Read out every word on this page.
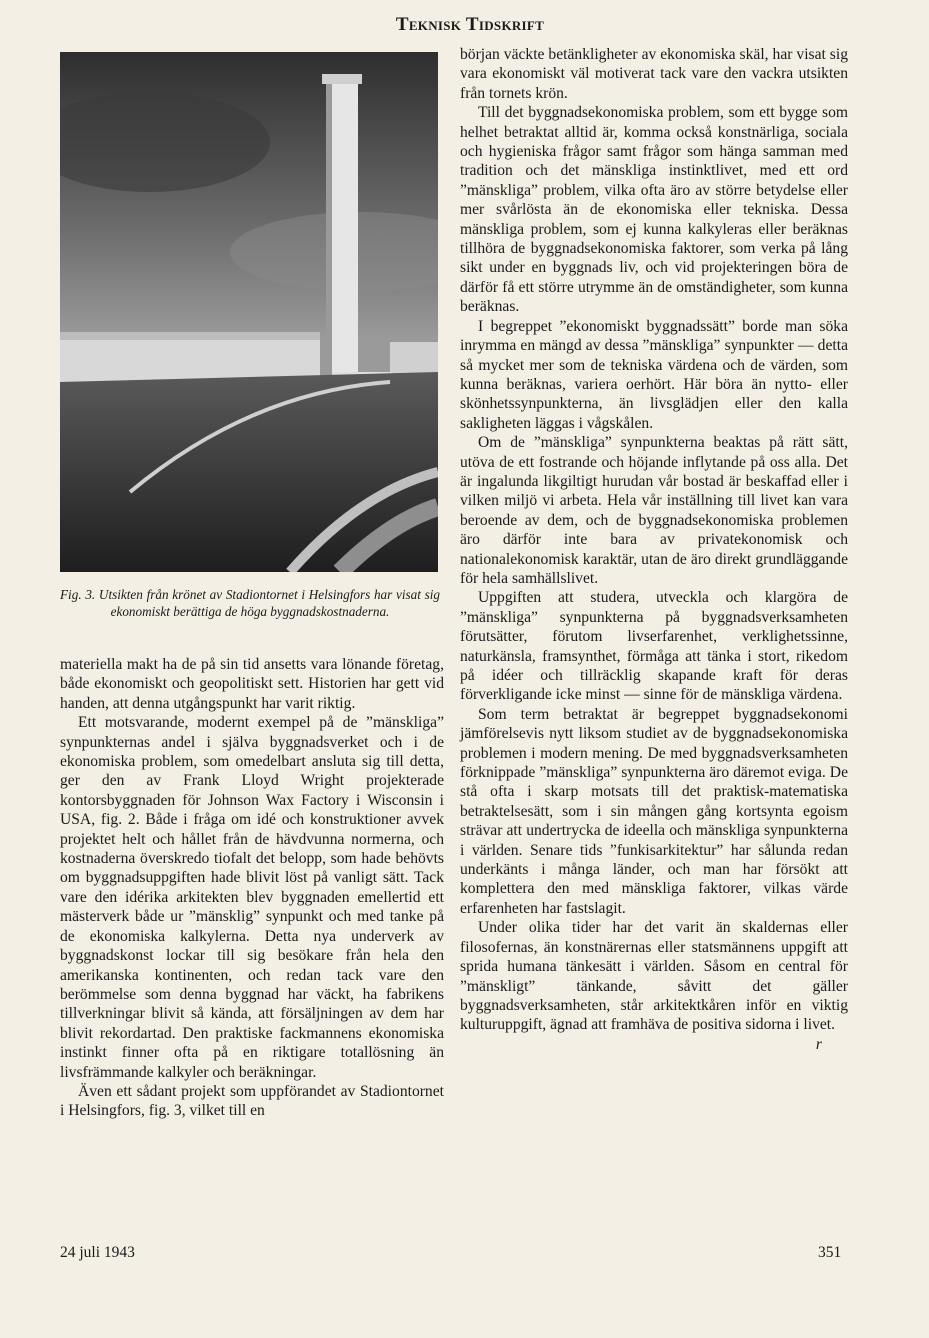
Teknisk Tidskrift
Fig. 3. Utsikten från krönet av Stadiontornet i Helsingfors har visat sig ekonomiskt berättiga de höga byggnadskostnaderna.

materiella makt ha de på sin tid ansetts vara lönande företag, både ekonomiskt och geopolitiskt sett. Historien har gett vid handen, att denna utgångspunkt har varit riktig.

Ett motsvarande, modernt exempel på de ”mänskliga” synpunkternas andel i själva byggnadsverket och i de ekonomiska problem, som omedelbart ansluta sig till detta, ger den av Frank Lloyd Wright projekterade kontorsbyggnaden för Johnson Wax Factory i Wisconsin i USA, fig. 2. Både i fråga om idé och konstruktioner avvek projektet helt och hållet från de hävdvunna normerna, och kostnaderna överskredo tiofalt det belopp, som hade behövts om byggnadsuppgiften hade blivit löst på vanligt sätt. Tack vare den idérika arkitekten blev byggnaden emellertid ett mästerverk både ur ”mänsklig” synpunkt och med tanke på de ekonomiska kalkylerna. Detta nya underverk av byggnadskonst lockar till sig besökare från hela den amerikanska kontinenten, och redan tack vare den berömmelse som denna byggnad har väckt, ha fabrikens tillverkningar blivit så kända, att försäljningen av dem har blivit rekordartad. Den praktiske fackmannens ekonomiska instinkt finner ofta på en riktigare totallösning än livsfrämmande kalkyler och beräkningar.

Även ett sådant projekt som uppförandet av Stadiontornet i Helsingfors, fig. 3, vilket till en

början väckte betänkligheter av ekonomiska skäl, har visat sig vara ekonomiskt väl motiverat tack vare den vackra utsikten från tornets krön.

Till det byggnadsekonomiska problem, som ett bygge som helhet betraktat alltid är, komma också konstnärliga, sociala och hygieniska frågor samt frågor som hänga samman med tradition och det mänskliga instinktlivet, med ett ord ”mänskliga” problem, vilka ofta äro av större betydelse eller mer svårlösta än de ekonomiska eller tekniska. Dessa mänskliga problem, som ej kunna kalkyleras eller beräknas tillhöra de byggnadsekonomiska faktorer, som verka på lång sikt under en byggnads liv, och vid projekteringen böra de därför få ett större utrymme än de omständigheter, som kunna beräknas.

I begreppet ”ekonomiskt byggnadssätt” borde man söka inrymma en mängd av dessa ”mänskliga” synpunkter — detta så mycket mer som de tekniska värdena och de värden, som kunna beräknas, variera oerhört. Här böra än nytto- eller skönhetssynpunkterna, än livsglädjen eller den kalla sakligheten läggas i vågskålen.

Om de ”mänskliga” synpunkterna beaktas på rätt sätt, utöva de ett fostrande och höjande inflytande på oss alla. Det är ingalunda likgiltigt hurudan vår bostad är beskaffad eller i vilken miljö vi arbeta. Hela vår inställning till livet kan vara beroende av dem, och de byggnadsekonomiska problemen äro därför inte bara av privatekonomisk och nationalekonomisk karaktär, utan de äro direkt grundläggande för hela samhällslivet.

Uppgiften att studera, utveckla och klargöra de ”mänskliga” synpunkterna på byggnadsverksamheten förutsätter, förutom livserfarenhet, verklighetssinne, naturkänsla, framsynthet, förmåga att tänka i stort, rikedom på idéer och tillräcklig skapande kraft för deras förverkligande icke minst — sinne för de mänskliga värdena.

Som term betraktat är begreppet byggnadsekonomi jämförelsevis nytt liksom studiet av de byggnadsekonomiska problemen i modern mening. De med byggnadsverksamheten förknippade ”mänskliga” synpunkterna äro däremot eviga. De stå ofta i skarp motsats till det praktisk-matematiska betraktelsesätt, som i sin mången gång kortsynta egoism strävar att undertrycka de ideella och mänskliga synpunkterna i världen. Senare tids ”funkisarkitektur” har sålunda redan underkänts i många länder, och man har försökt att komplettera den med mänskliga faktorer, vilkas värde erfarenheten har fastslagit.

Under olika tider har det varit än skaldernas eller filosofernas, än konstnärernas eller statsmännens uppgift att sprida humana tänkesätt i världen. Såsom en central för ”mänskligt” tänkande, såvitt det gäller byggnadsverksamheten, står arkitektkåren inför en viktig kulturuppgift, ägnad att framhäva de positiva sidorna i livet.
r

24 juli 1943	351
